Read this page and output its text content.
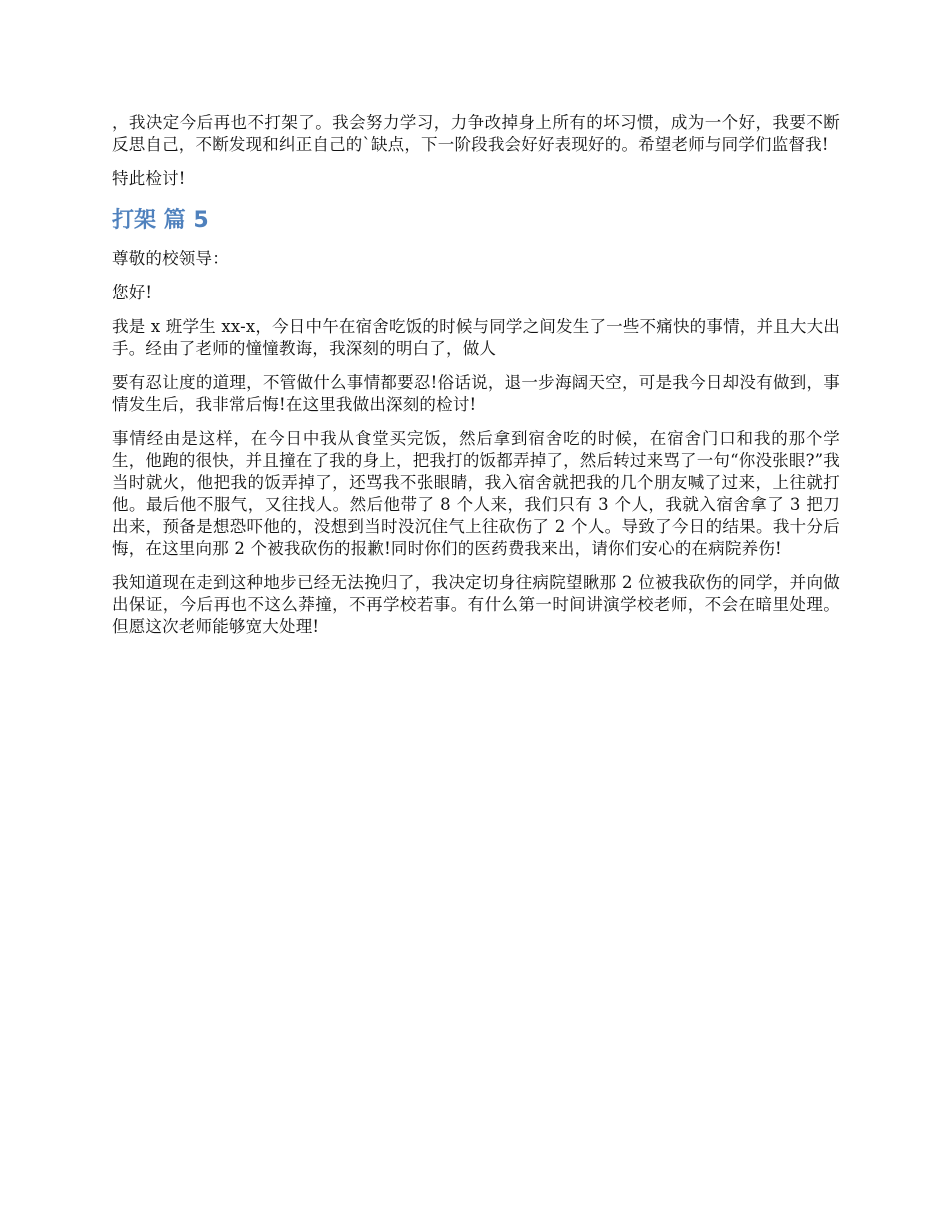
，我决定今后再也不打架了。我会努力学习，力争改掉身上所有的坏习惯，成为一个好，我要不断反思自己，不断发现和纠正自己的`缺点，下一阶段我会好好表现好的。希望老师与同学们监督我!

特此检讨!

打架 篇 5

尊敬的校领导：

您好!

我是 x 班学生 xx-x，今日中午在宿舍吃饭的时候与同学之间发生了一些不痛快的事情，并且大大出手。经由了老师的憧憧教诲，我深刻的明白了，做人

要有忍让度的道理，不管做什么事情都要忍!俗话说，退一步海阔天空，可是我今日却没有做到，事情发生后，我非常后悔!在这里我做出深刻的检讨!

事情经由是这样，在今日中我从食堂买完饭，然后拿到宿舍吃的时候，在宿舍门口和我的那个学生，他跑的很快，并且撞在了我的身上，把我打的饭都弄掉了，然后转过来骂了一句“你没张眼?”我当时就火，他把我的饭弄掉了，还骂我不张眼睛，我入宿舍就把我的几个朋友喊了过来，上往就打他。最后他不服气，又往找人。然后他带了 8 个人来，我们只有 3 个人，我就入宿舍拿了 3 把刀出来，预备是想恐吓他的，没想到当时没沉住气上往砍伤了 2 个人。导致了今日的结果。我十分后悔，在这里向那 2 个被我砍伤的报歉!同时你们的医药费我来出，请你们安心的在病院养伤!

我知道现在走到这种地步已经无法挽归了，我决定切身往病院望瞅那 2 位被我砍伤的同学，并向做出保证，今后再也不这么莽撞，不再学校若事。有什么第一时间讲演学校老师，不会在暗里处理。但愿这次老师能够宽大处理!
